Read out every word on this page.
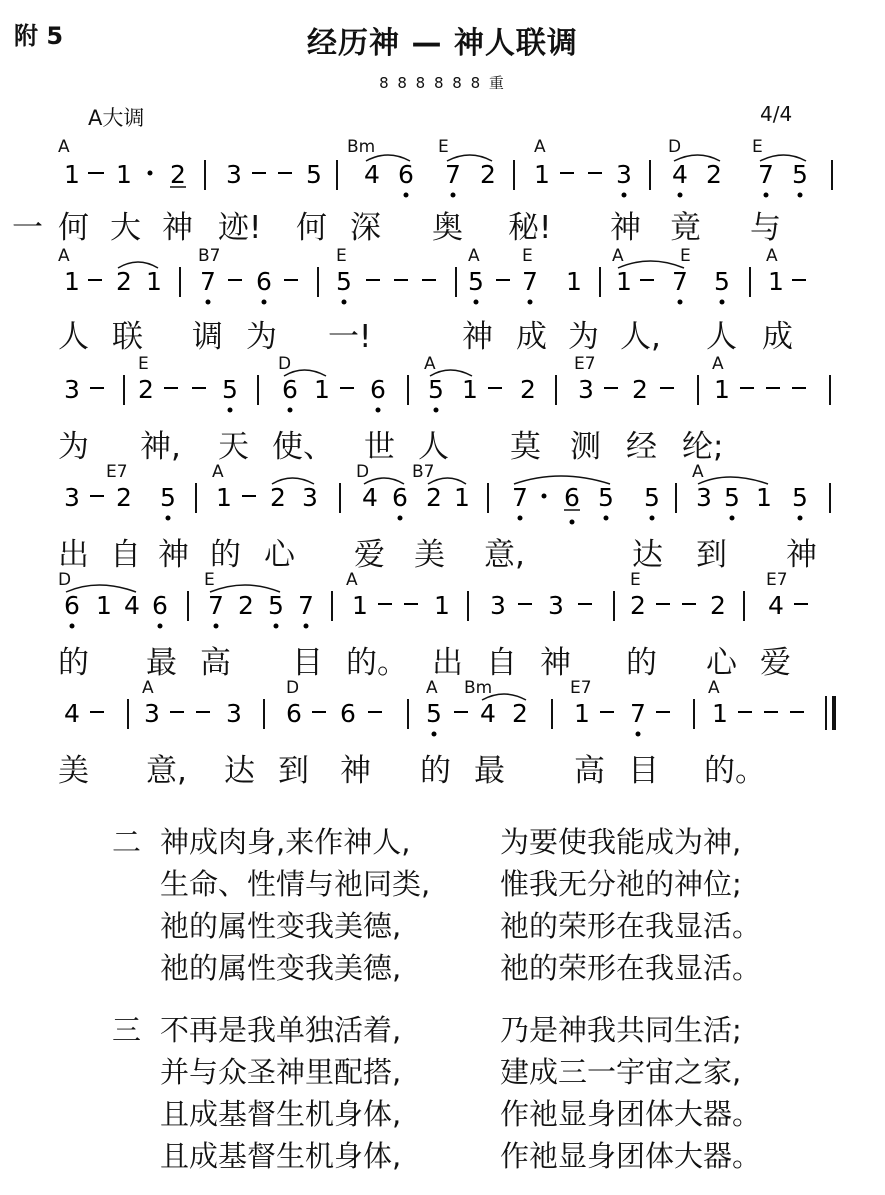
附 5	经历神 — 神人联调
8 8 8 8 8 8 重
A大调	4/4
A	Bm	E	A	D	E
1 1 2 3	5 4 6 7 2 1	3 4 2 7 5
一 何 大 神 迹! 何 深 奥 秘! 神 竟 与
A	B7	E	A E	A	E	A
1 2 1 7 6	5	5 7 1 1 7 5 1
人 联 调 为 一!	神 成 为 人, 人 成
E	D	A	E7	A
3 2	5 6 1 6 5 1 2 3 2	1
为 神, 天 使、 世 人 莫 测 经 纶;
E7	A	D	B7	A
3 2 5 1 2 3 4 6 2 1 7 6 5 5 3 5 1 5
出 自 神 的 心 爱 美 意,	达 到 神
D	E	A	E	E7
6 1 4 6 7 2 5 7 1	1 3 3	2	2 4
的 最 高 目 的。 出 自 神 的 心 爱
A	D	A Bm	E7	A
4	3	3 6 6	5 4 2 1 7	1
美 意, 达 到 神 的 最 高 目 的。
二 神成肉身,来作神人,	为要使我能成为神,
生命、性情与祂同类, 惟我无分祂的神位;
祂的属性变我美德,	祂的荣形在我显活。
祂的属性变我美德,	祂的荣形在我显活。
三 不再是我单独活着,	乃是神我共同生活;
并与众圣神里配搭,	建成三一宇宙之家,
且成基督生机身体,	作祂显身团体大器。
且成基督生机身体,	作祂显身团体大器。
